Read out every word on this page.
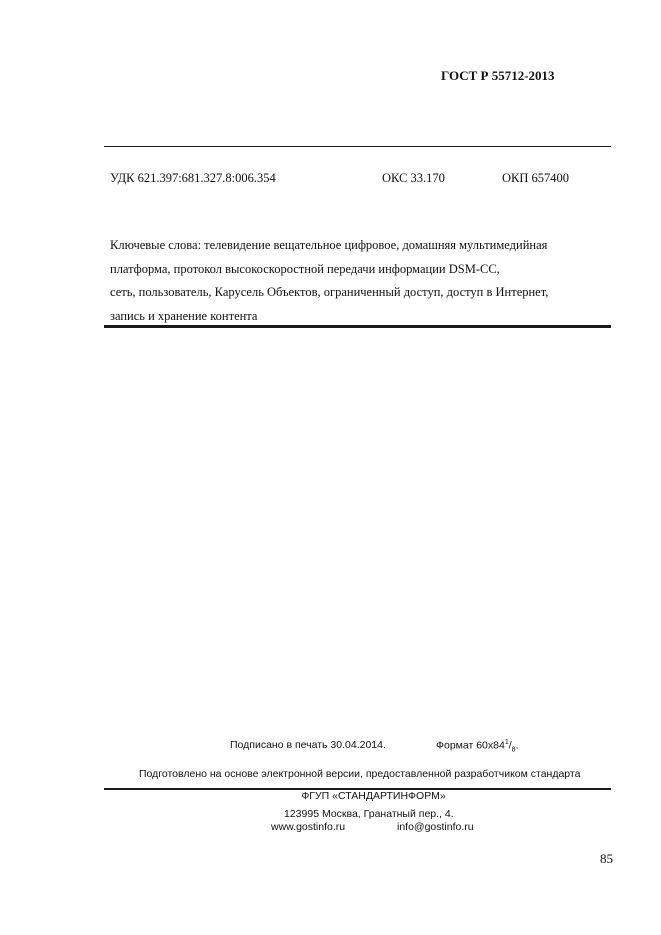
ГОСТ Р 55712-2013
УДК 621.397:681.327.8:006.354	ОКС 33.170	ОКП 657400
Ключевые слова: телевидение вещательное цифровое, домашняя мультимедийная
платформа, протокол высокоскоростной передачи информации DSM-CC,
сеть, пользователь, Карусель Объектов, ограниченный доступ, доступ в Интернет,
запись и хранение контента
Подписано в печать 30.04.2014.	Формат $60х84^1/_8$.
Подготовлено на основе электронной версии, предоставленной разработчиком стандарта
ФГУП «СТАНДАРТИНФОРМ»
123995 Москва, Гранатный пер., 4.
www.gostinfo.ru	info@gostinfo.ru
85
